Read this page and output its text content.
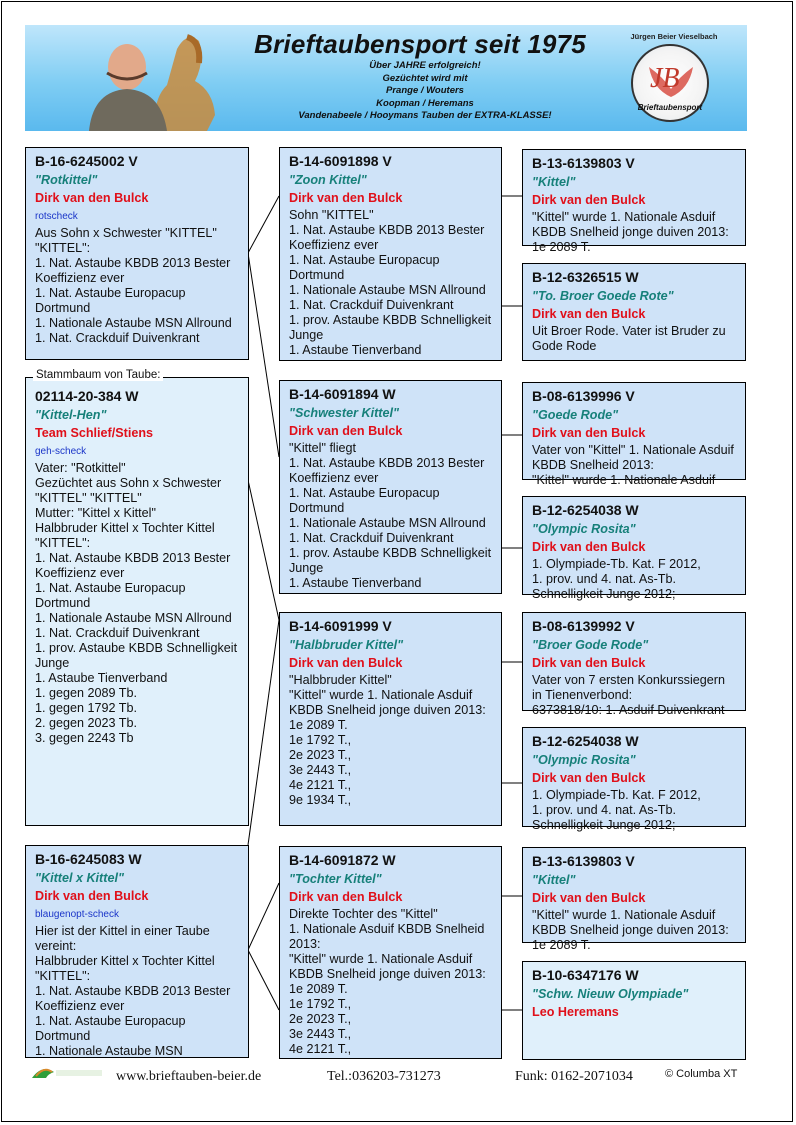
Brieftaubensport seit 1975
Über JAHRE erfolgreich!
Gezüchtet wird mit
Prange / Wouters
Koopman / Heremans
Vandenabeele / Hooymans Tauben der EXTRA-KLASSE!
Jürgen Beier Vieselbach
JB
Brieftaubensport
B-16-6245002 V
"Rotkittel"
Dirk van den Bulck
rotscheck
Aus Sohn x Schwester "KITTEL" "KITTEL":
1. Nat. Astaube KBDB 2013 Bester Koeffizienz ever
1. Nat. Astaube Europacup Dortmund
1. Nationale Astaube MSN Allround
1. Nat. Crackduif Duivenkrant
02114-20-384 W
"Kittel-Hen"
Team Schlief/Stiens
geh-scheck
Vater: "Rotkittel"
Gezüchtet aus Sohn x Schwester "KITTEL" "KITTEL"
Mutter: "Kittel x Kittel"
Halbbruder Kittel x Tochter Kittel "KITTEL":
1. Nat. Astaube KBDB 2013 Bester Koeffizienz ever
1. Nat. Astaube Europacup Dortmund
1. Nationale Astaube MSN Allround
1. Nat. Crackduif Duivenkrant
1. prov. Astaube KBDB Schnelligkeit Junge
1. Astaube Tienverband
1. gegen 2089 Tb.
1. gegen 1792 Tb.
2. gegen 2023 Tb.
3. gegen 2243 Tb
Stammbaum von Taube:
B-16-6245083 W
"Kittel x Kittel"
Dirk van den Bulck
blaugenopt-scheck
Hier ist der Kittel in einer Taube vereint:
Halbbruder Kittel x Tochter Kittel "KITTEL":
1. Nat. Astaube KBDB 2013 Bester Koeffizienz ever
1. Nat. Astaube Europacup Dortmund
1. Nationale Astaube MSN
B-14-6091898 V
"Zoon Kittel"
Dirk van den Bulck
Sohn "KITTEL"
1. Nat. Astaube KBDB 2013 Bester Koeffizienz ever
1. Nat. Astaube Europacup Dortmund
1. Nationale Astaube MSN Allround
1. Nat. Crackduif Duivenkrant
1. prov. Astaube KBDB Schnelligkeit Junge
1. Astaube Tienverband
B-14-6091894 W
"Schwester Kittel"
Dirk van den Bulck
"Kittel" fliegt
1. Nat. Astaube KBDB 2013 Bester Koeffizienz ever
1. Nat. Astaube Europacup Dortmund
1. Nationale Astaube MSN Allround
1. Nat. Crackduif Duivenkrant
1. prov. Astaube KBDB Schnelligkeit Junge
1. Astaube Tienverband
B-14-6091999 V
"Halbbruder Kittel"
Dirk van den Bulck
"Halbbruder Kittel"
"Kittel" wurde 1. Nationale Asduif KBDB Snelheid jonge duiven 2013:
1e 2089 T.
1e 1792 T.,
2e 2023 T.,
3e 2443 T.,
4e 2121 T.,
9e 1934 T.,
B-14-6091872 W
"Tochter Kittel"
Dirk van den Bulck
Direkte Tochter des "Kittel"
1. Nationale Asduif KBDB Snelheid 2013:
"Kittel" wurde 1. Nationale Asduif KBDB Snelheid jonge duiven 2013:
1e 2089 T.
1e 1792 T.,
2e 2023 T.,
3e 2443 T.,
4e 2121 T.,
B-13-6139803 V
"Kittel"
Dirk van den Bulck
"Kittel" wurde 1. Nationale Asduif KBDB Snelheid jonge duiven 2013:
1e 2089 T.
B-12-6326515 W
"To. Broer Goede Rote"
Dirk van den Bulck
Uit Broer Rode. Vater ist Bruder zu Gode Rode
B-08-6139996 V
"Goede Rode"
Dirk van den Bulck
Vater von "Kittel" 1. Nationale Asduif KBDB Snelheid 2013:
"Kittel" wurde 1. Nationale Asduif
B-12-6254038 W
"Olympic Rosita"
Dirk van den Bulck
1. Olympiade-Tb. Kat. F 2012,
1. prov. und 4. nat. As-Tb. Schnelligkeit Junge 2012;
B-08-6139992 V
"Broer Gode Rode"
Dirk van den Bulck
Vater von 7 ersten Konkurssiegern in Tienenverbond:
6373818/10: 1. Asduif Duivenkrant
B-12-6254038 W
"Olympic Rosita"
Dirk van den Bulck
1. Olympiade-Tb. Kat. F 2012,
1. prov. und 4. nat. As-Tb. Schnelligkeit Junge 2012;
B-13-6139803 V
"Kittel"
Dirk van den Bulck
"Kittel" wurde 1. Nationale Asduif KBDB Snelheid jonge duiven 2013:
1e 2089 T.
B-10-6347176 W
"Schw. Nieuw Olympiade"
Leo Heremans
www.brieftauben-beier.de	Tel.:036203-731273	Funk: 0162-2071034	© Columba XT
